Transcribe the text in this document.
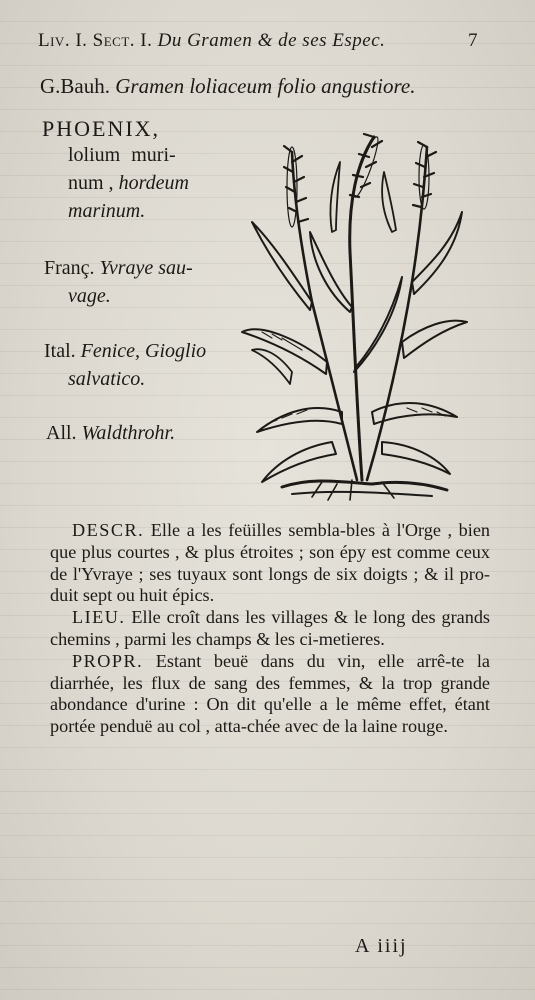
Liv. I. Sect. I. Du Gramen & de ses Espec.	7
G.Bauh. Gramen loliaceum folio angustiore.
PHOENIX,
lolium muri-
num , hordeum
marinum.
Franç. Yvraye sau-
vage.
Ital. Fenice, Gioglio
salvatico.
All. Waldthrohr.

DESCR. Elle a les feüilles sembla-bles à l'Orge , bien que plus courtes , & plus étroites ; son épy est comme ceux de l'Yvraye ; ses tuyaux sont longs de six doigts ; & il pro-duit sept ou huit épics.

LIEU. Elle croît dans les villages & le long des grands chemins , parmi les champs & les ci-metieres.

PROPR. Estant beuë dans du vin, elle arrê-te la diarrhée, les flux de sang des femmes, & la trop grande abondance d'urine : On dit qu'elle a le même effet, étant portée penduë au col , atta-chée avec de la laine rouge.

A iiij
